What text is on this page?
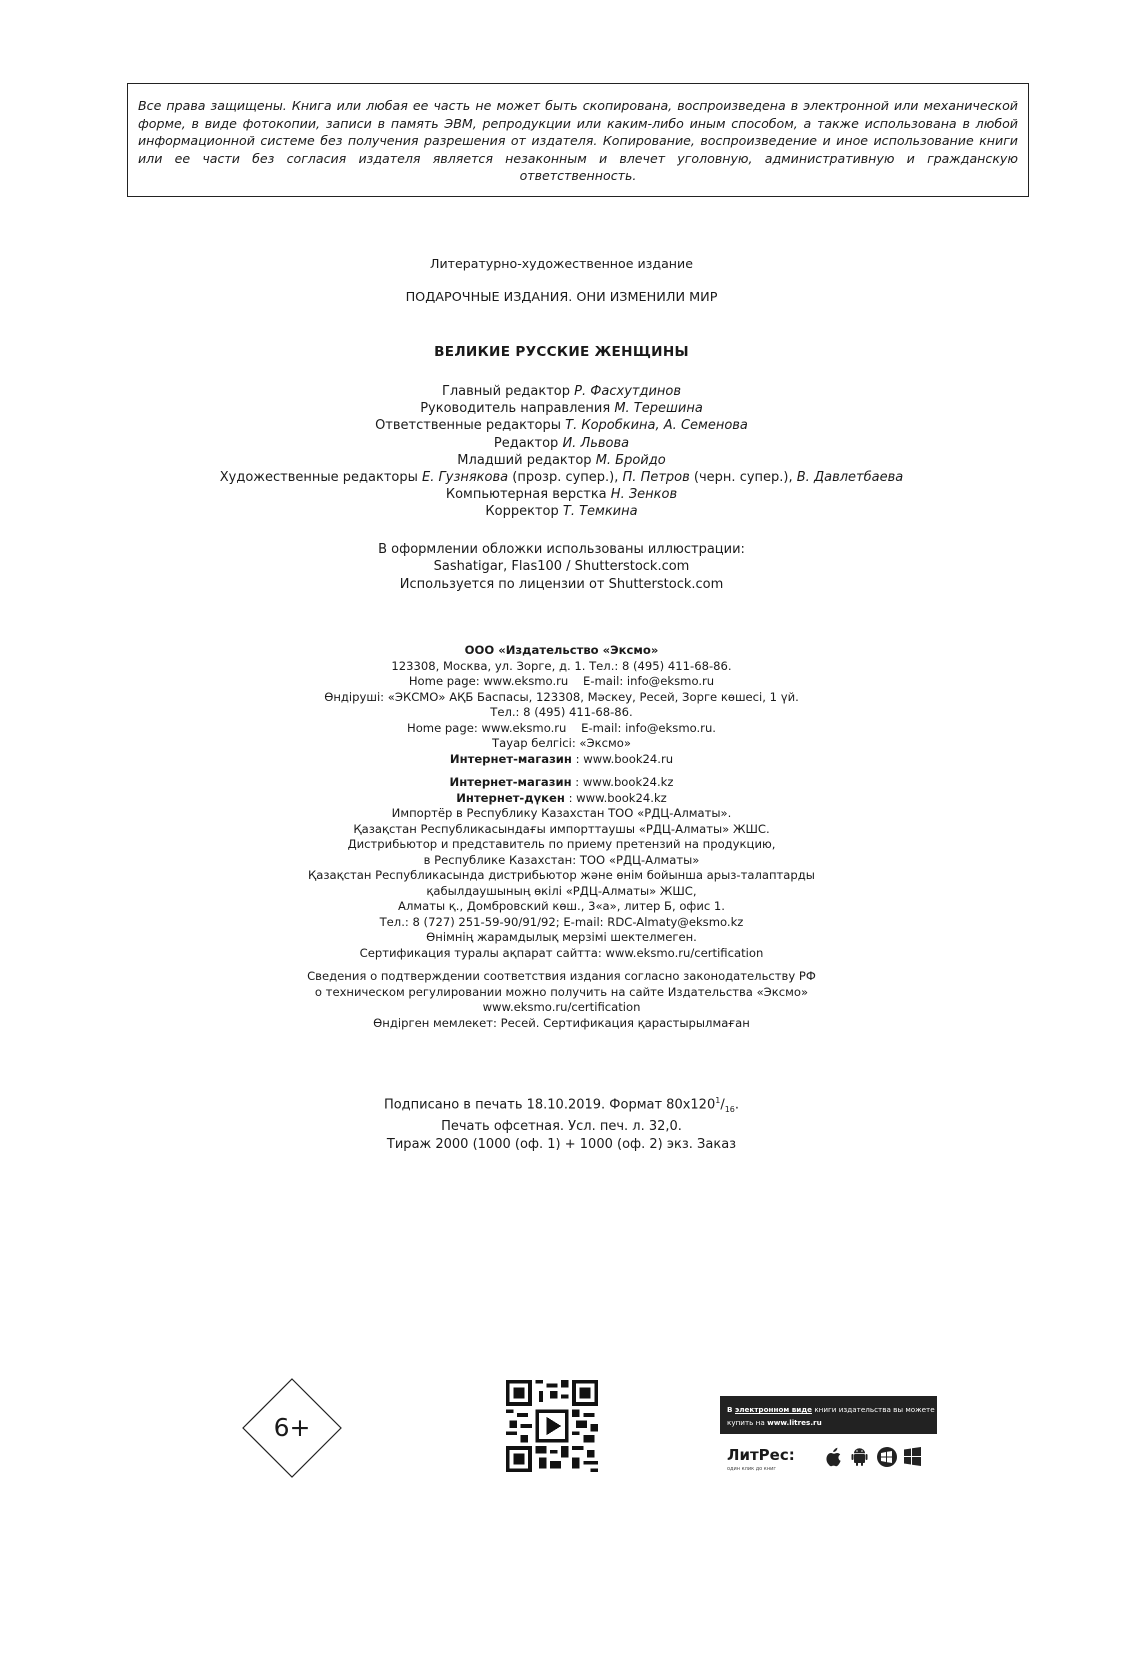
Все права защищены. Книга или любая ее часть не может быть скопирована, воспроизведена в электронной или механической форме, в виде фотокопии, записи в память ЭВМ, репродукции или каким-либо иным способом, а также использована в любой информационной системе без получения разрешения от издателя. Копирование, воспроизведение и иное использование книги или ее части без согласия издателя является незаконным и влечет уголовную, административную и гражданскую ответственность.
Литературно-художественное издание
ПОДАРОЧНЫЕ ИЗДАНИЯ. ОНИ ИЗМЕНИЛИ МИР
ВЕЛИКИЕ РУССКИЕ ЖЕНЩИНЫ
Главный редактор Р. Фасхутдинов
Руководитель направления М. Терешина
Ответственные редакторы Т. Коробкина, А. Семенова
Редактор И. Львова
Младший редактор М. Бройдо
Художественные редакторы Е. Гузнякова (прозр. супер.), П. Петров (черн. супер.), В. Давлетбаева
Компьютерная верстка Н. Зенков
Корректор Т. Темкина
В оформлении обложки использованы иллюстрации:
Sashatigar, Flas100 / Shutterstock.com
Используется по лицензии от Shutterstock.com
ООО «Издательство «Эксмо»
123308, Москва, ул. Зорге, д. 1. Тел.: 8 (495) 411-68-86.
Home page: www.eksmo.ru    E-mail: info@eksmo.ru
Өндіруші: «ЭКСМО» АҚБ Баспасы, 123308, Мәскеу, Ресей, Зорге көшесі, 1 үй.
Тел.: 8 (495) 411-68-86.
Home page: www.eksmo.ru    E-mail: info@eksmo.ru.
Тауар белгісі: «Эксмо»
Интернет-магазин : www.book24.ru
Интернет-магазин : www.book24.kz
Интернет-дүкен : www.book24.kz
Импортёр в Республику Казахстан ТОО «РДЦ-Алматы».
Қазақстан Республикасындағы импорттаушы «РДЦ-Алматы» ЖШС.
Дистрибьютор и представитель по приему претензий на продукцию,
в Республике Казахстан: ТОО «РДЦ-Алматы»
Қазақстан Республикасында дистрибьютор және өнім бойынша арыз-талаптарды
қабылдаушының өкілі «РДЦ-Алматы» ЖШС,
Алматы қ., Домбровский көш., 3«а», литер Б, офис 1.
Тел.: 8 (727) 251-59-90/91/92; E-mail: RDC-Almaty@eksmo.kz
Өнімнің жарамдылық мерзімі шектелмеген.
Сертификация туралы ақпарат сайтта: www.eksmo.ru/certification
Сведения о подтверждении соответствия издания согласно законодательству РФ
о техническом регулировании можно получить на сайте Издательства «Эксмо»
www.eksmo.ru/certification
Өндірген мемлекет: Ресей. Сертификация қарастырылмаған
Подписано в печать 18.10.2019. Формат $80x120^1/_{16}$.
Печать офсетная. Усл. печ. л. 32,0.
Тираж 2000 (1000 (оф. 1) + 1000 (оф. 2) экз. Заказ
6+
В электронном виде книги издательства вы можете
купить на www.litres.ru
ЛитРес:
один клик до книг
